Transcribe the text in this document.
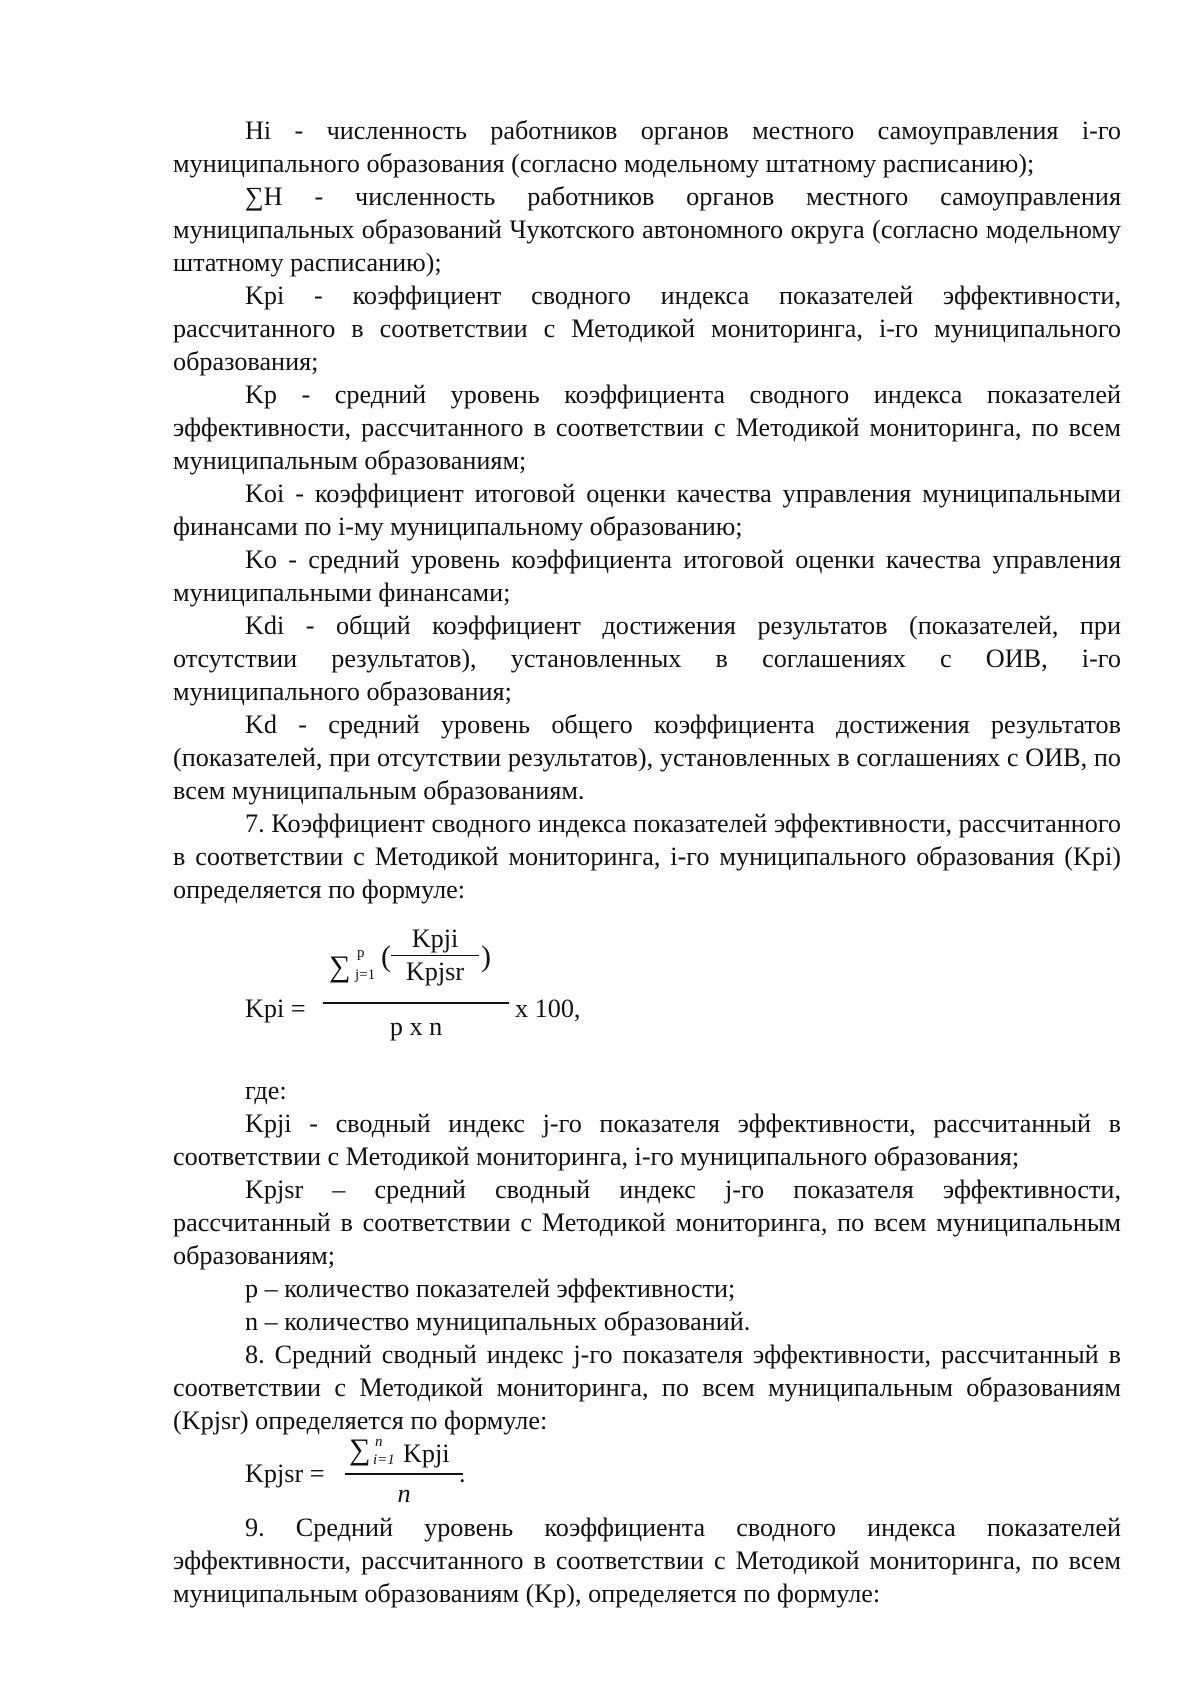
Hi - численность работников органов местного самоуправления i-го муниципального образования (согласно модельному штатному расписанию);

∑H - численность работников органов местного самоуправления муниципальных образований Чукотского автономного округа (согласно модельному штатному расписанию);

Kpi - коэффициент сводного индекса показателей эффективности, рассчитанного в соответствии с Методикой мониторинга, i-го муниципального образования;

Kp - средний уровень коэффициента сводного индекса показателей эффективности, рассчитанного в соответствии с Методикой мониторинга, по всем муниципальным образованиям;

Koi - коэффициент итоговой оценки качества управления муниципальными финансами по i-му муниципальному образованию;

Ko - средний уровень коэффициента итоговой оценки качества управления муниципальными финансами;

Kdi - общий коэффициент достижения результатов (показателей, при отсутствии результатов), установленных в соглашениях с ОИВ, i-го муниципального образования;

Kd - средний уровень общего коэффициента достижения результатов (показателей, при отсутствии результатов), установленных в соглашениях с ОИВ, по всем муниципальным образованиям.

7. Коэффициент сводного индекса показателей эффективности, рассчитанного в соответствии с Методикой мониторинга, i-го муниципального образования (Kpi) определяется по формуле:

Kpi =
∑ p
j=1
(
Kpji
Kpjsr )
p x n
x 100,

где:

Kpji - сводный индекс j-го показателя эффективности, рассчитанный в соответствии с Методикой мониторинга, i-го муниципального образования;

Kpjsr – средний сводный индекс j-го показателя эффективности, рассчитанный в соответствии с Методикой мониторинга, по всем муниципальным образованиям;

p – количество показателей эффективности;

n – количество муниципальных образований.

8. Средний сводный индекс j-го показателя эффективности, рассчитанный в соответствии с Методикой мониторинга, по всем муниципальным образованиям (Kpjsr) определяется по формуле:

Kpjsr =
∑ n
i=1 Kpji
n
.

9. Средний уровень коэффициента сводного индекса показателей эффективности, рассчитанного в соответствии с Методикой мониторинга, по всем муниципальным образованиям (Kp), определяется по формуле:
